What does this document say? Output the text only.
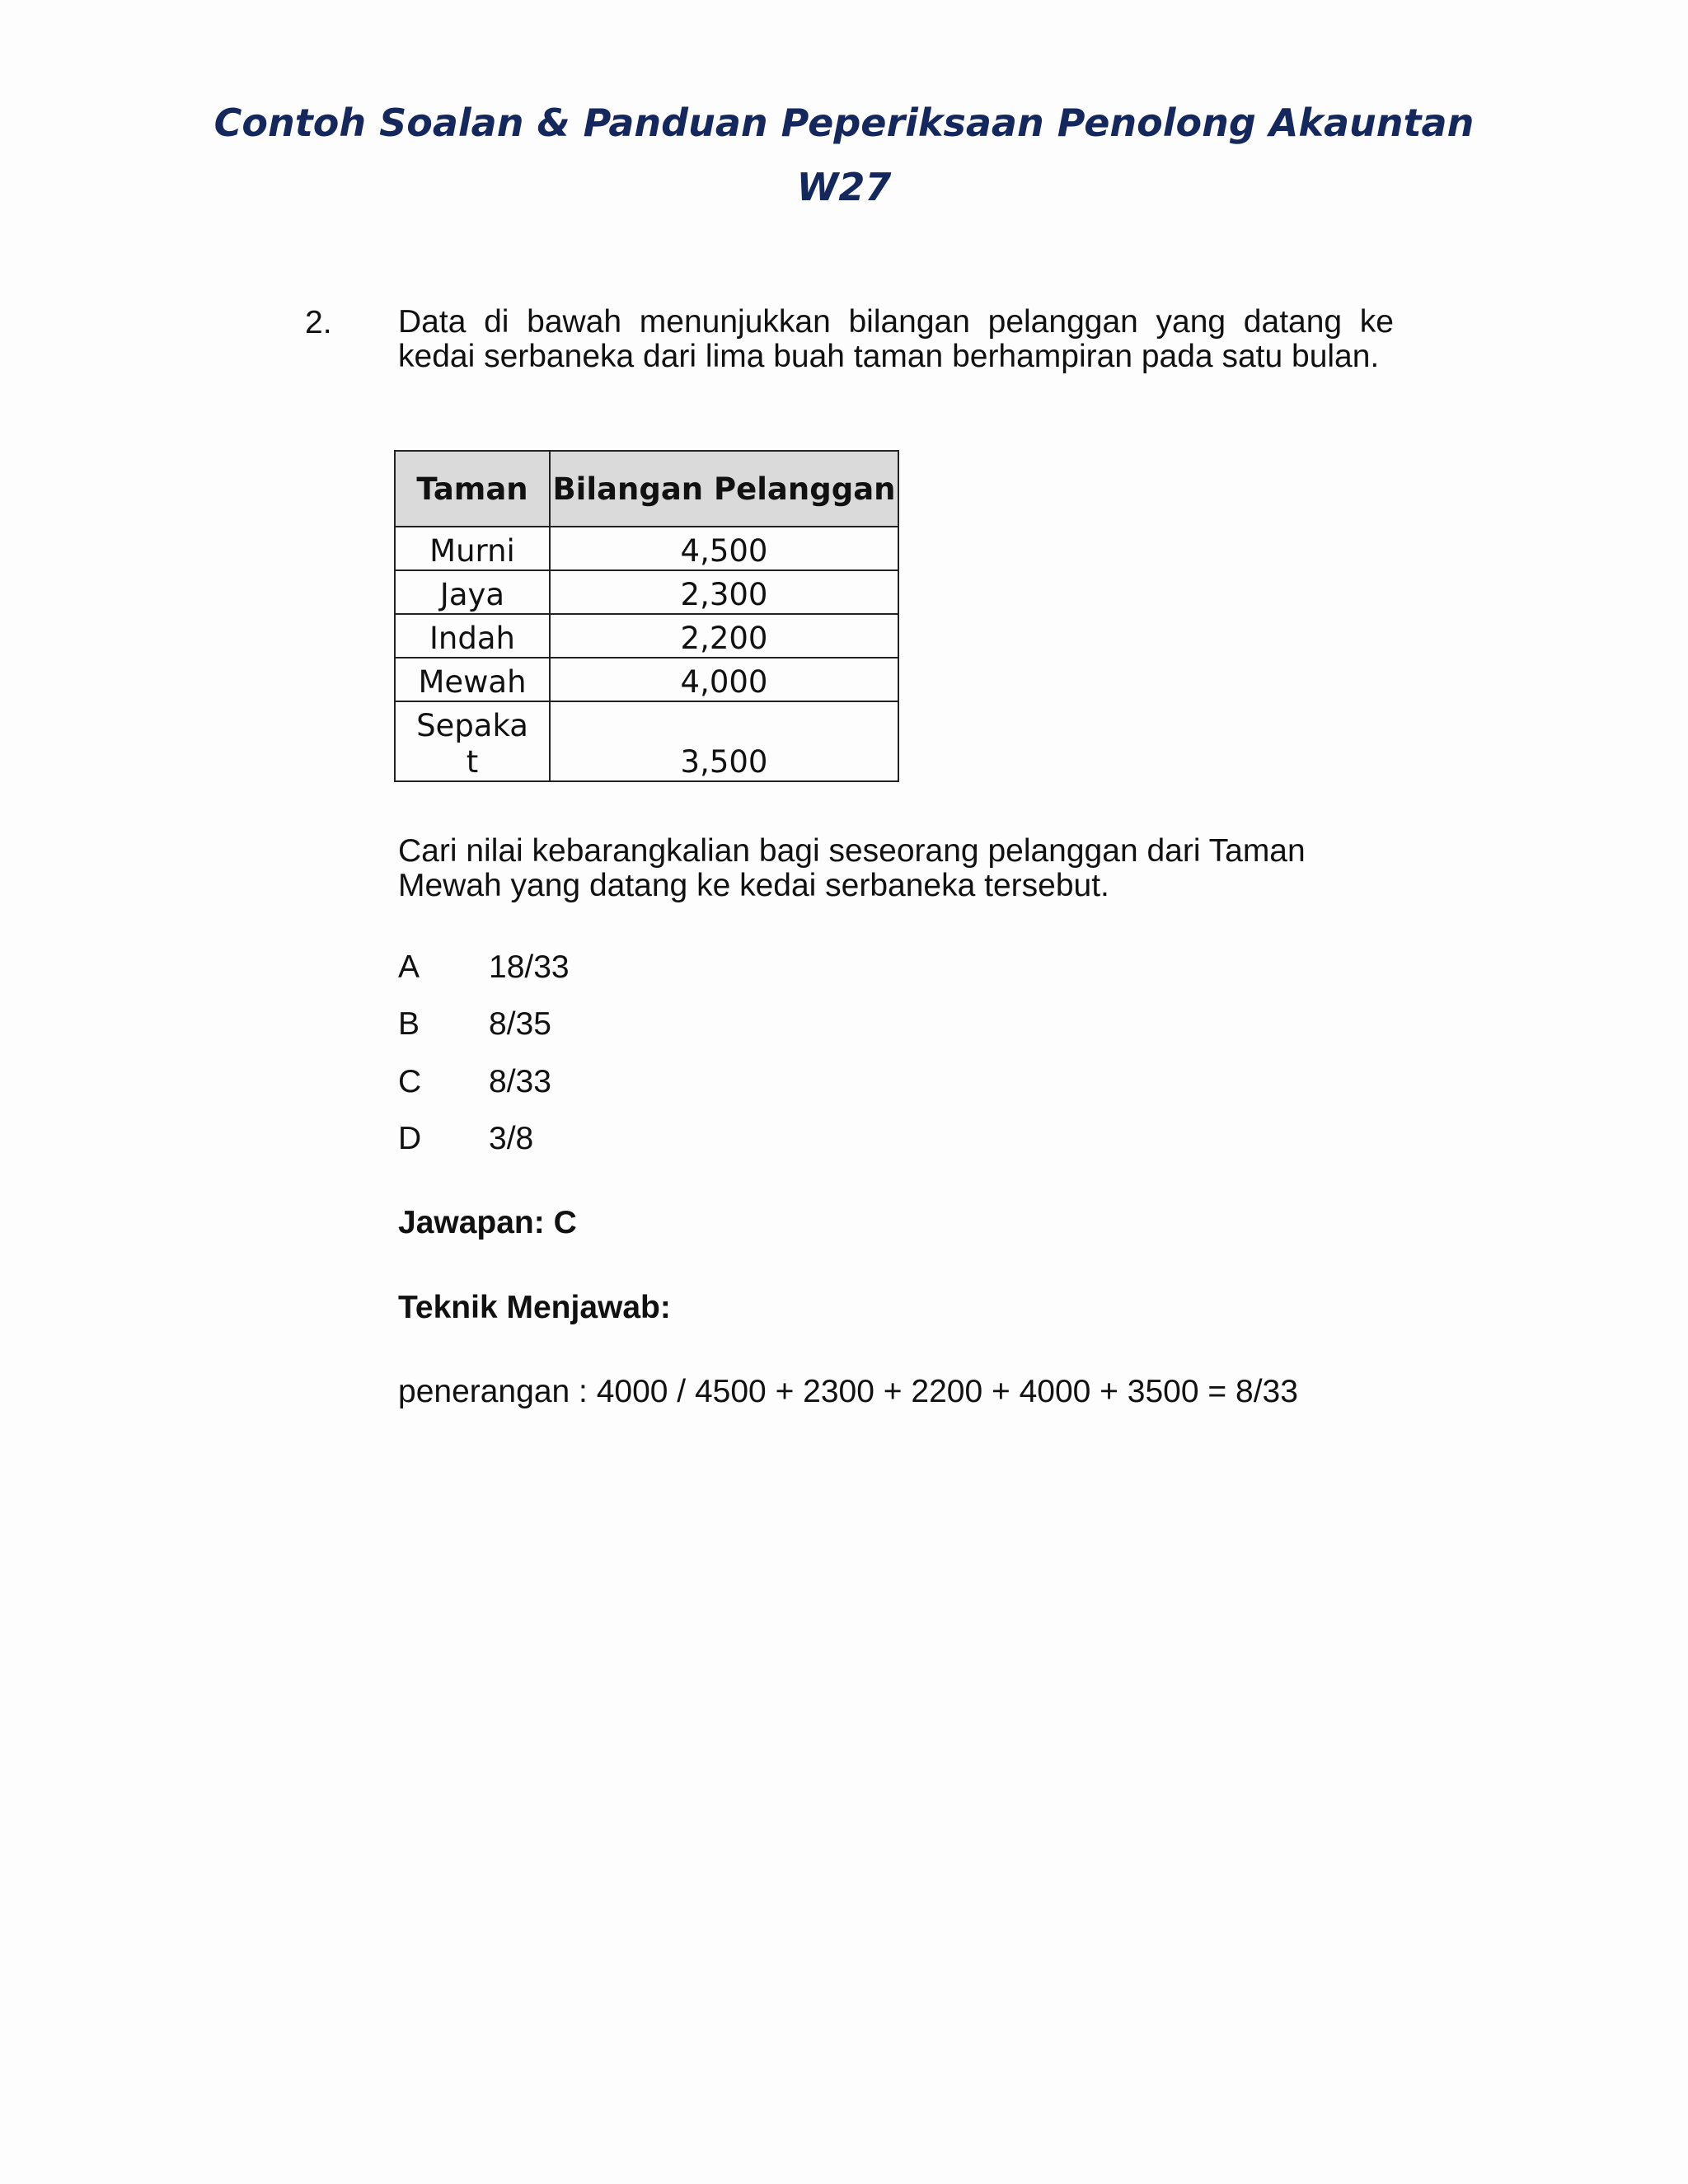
Contoh Soalan & Panduan Peperiksaan Penolong Akauntan
W27
2. Data di bawah menunjukkan bilangan pelanggan yang datang ke kedai serbaneka dari lima buah taman berhampiran pada satu bulan.
Taman	Bilangan Pelanggan
Murni	4,500
Jaya	2,300
Indah	2,200
Mewah	4,000
Sepakat	3,500
Cari nilai kebarangkalian bagi seseorang pelanggan dari Taman Mewah yang datang ke kedai serbaneka tersebut.
A 18/33
B 8/35
C 8/33
D 3/8
Jawapan: C
Teknik Menjawab:
penerangan : 4000 / 4500 + 2300 + 2200 + 4000 + 3500 = 8/33
